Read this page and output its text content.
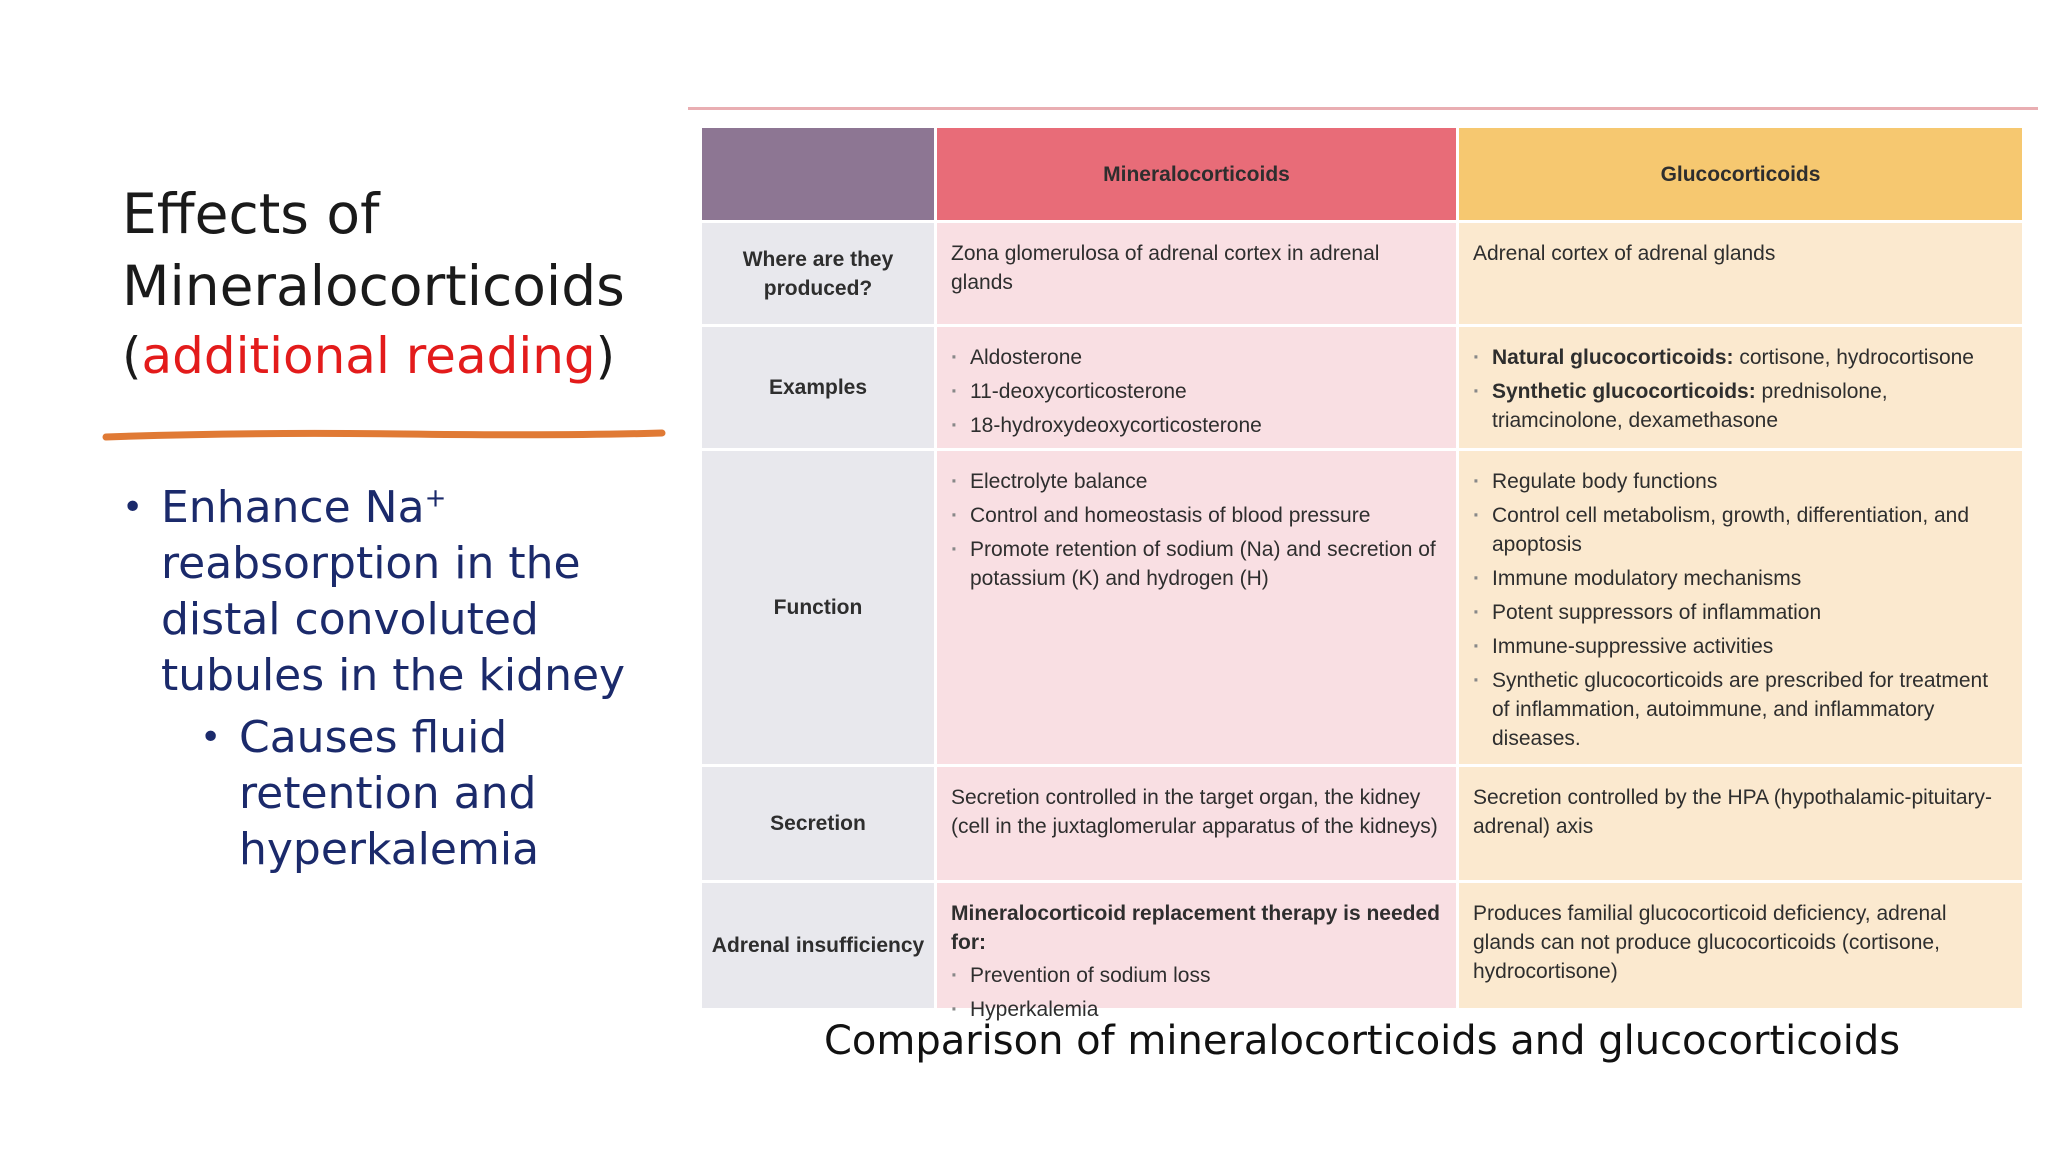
Effects of
Mineralocorticoids
(additional reading)
• Enhance Na+ reabsorption in the distal convoluted tubules in the kidney
• Causes fluid retention and hyperkalemia
Mineralocorticoids	Glucocorticoids
Where are they produced?
Zona glomerulosa of adrenal cortex in adrenal glands
Adrenal cortex of adrenal glands
Examples
· Aldosterone
· 11-deoxycorticosterone
· 18-hydroxydeoxycorticosterone
· Natural glucocorticoids: cortisone, hydrocortisone
· Synthetic glucocorticoids: prednisolone, triamcinolone, dexamethasone
Function
· Electrolyte balance
· Control and homeostasis of blood pressure
· Promote retention of sodium (Na) and secretion of potassium (K) and hydrogen (H)
· Regulate body functions
· Control cell metabolism, growth, differentiation, and apoptosis
· Immune modulatory mechanisms
· Potent suppressors of inflammation
· Immune-suppressive activities
· Synthetic glucocorticoids are prescribed for treatment of inflammation, autoimmune, and inflammatory diseases.
Secretion
Secretion controlled in the target organ, the kidney (cell in the juxtaglomerular apparatus of the kidneys)
Secretion controlled by the HPA (hypothalamic-pituitary-adrenal) axis
Adrenal insufficiency
Mineralocorticoid replacement therapy is needed for:
· Prevention of sodium loss
· Hyperkalemia
Produces familial glucocorticoid deficiency, adrenal glands can not produce glucocorticoids (cortisone, hydrocortisone)

Comparison of mineralocorticoids and glucocorticoids
